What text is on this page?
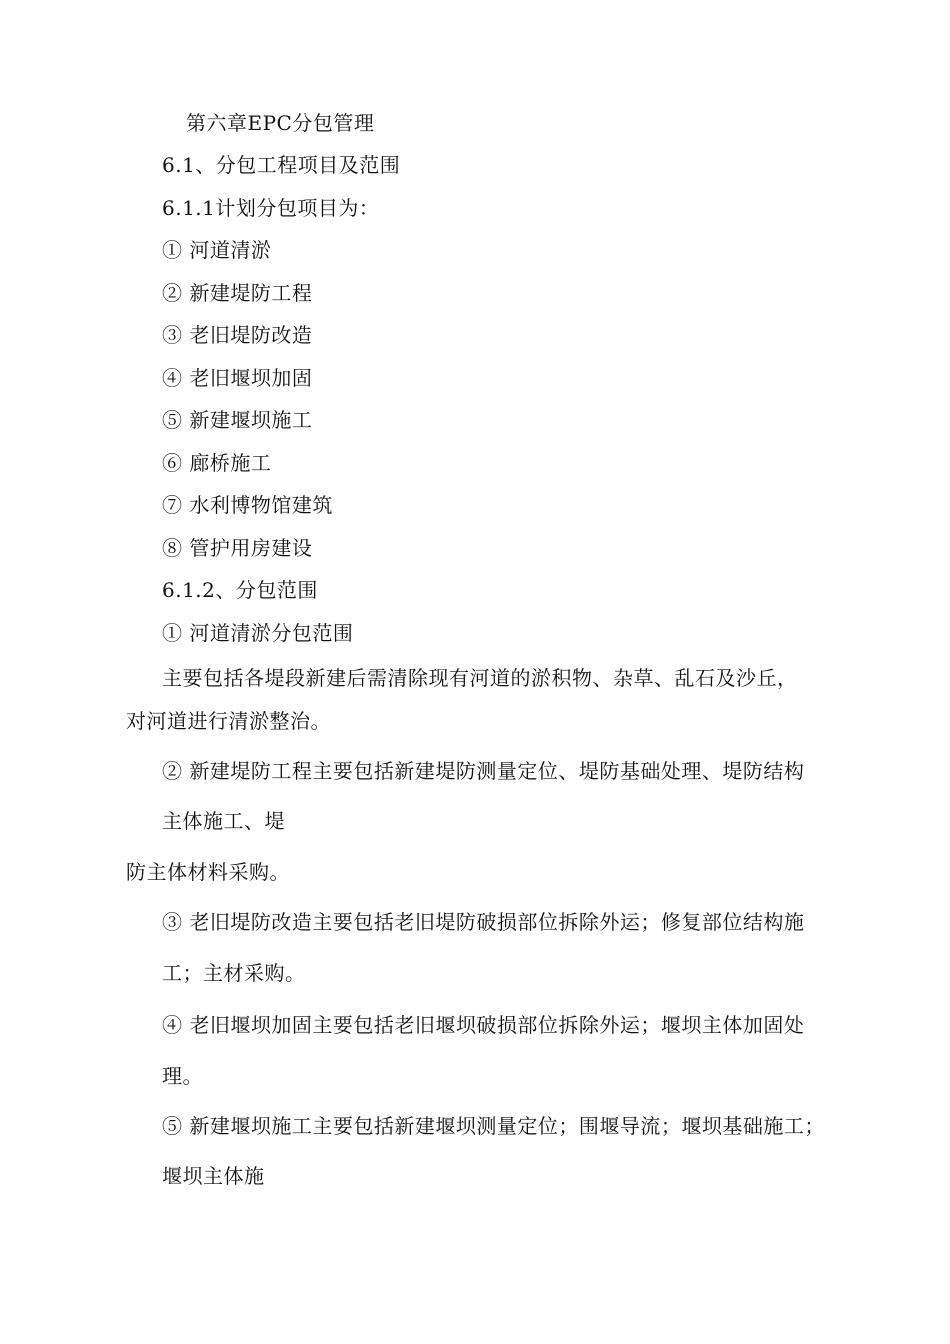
第六章EPC分包管理
6.1、分包工程项目及范围
6.1.1计划分包项目为：
① 河道清淤
② 新建堤防工程
③ 老旧堤防改造
④ 老旧堰坝加固
⑤ 新建堰坝施工
⑥ 廊桥施工
⑦ 水利博物馆建筑
⑧ 管护用房建设
6.1.2、分包范围
① 河道清淤分包范围
主要包括各堤段新建后需清除现有河道的淤积物、杂草、乱石及沙丘，
对河道进行清淤整治。
② 新建堤防工程主要包括新建堤防测量定位、堤防基础处理、堤防结构
主体施工、堤
防主体材料采购。
③ 老旧堤防改造主要包括老旧堤防破损部位拆除外运；修复部位结构施
工；主材采购。
④ 老旧堰坝加固主要包括老旧堰坝破损部位拆除外运；堰坝主体加固处
理。
⑤ 新建堰坝施工主要包括新建堰坝测量定位；围堰导流；堰坝基础施工；
堰坝主体施
